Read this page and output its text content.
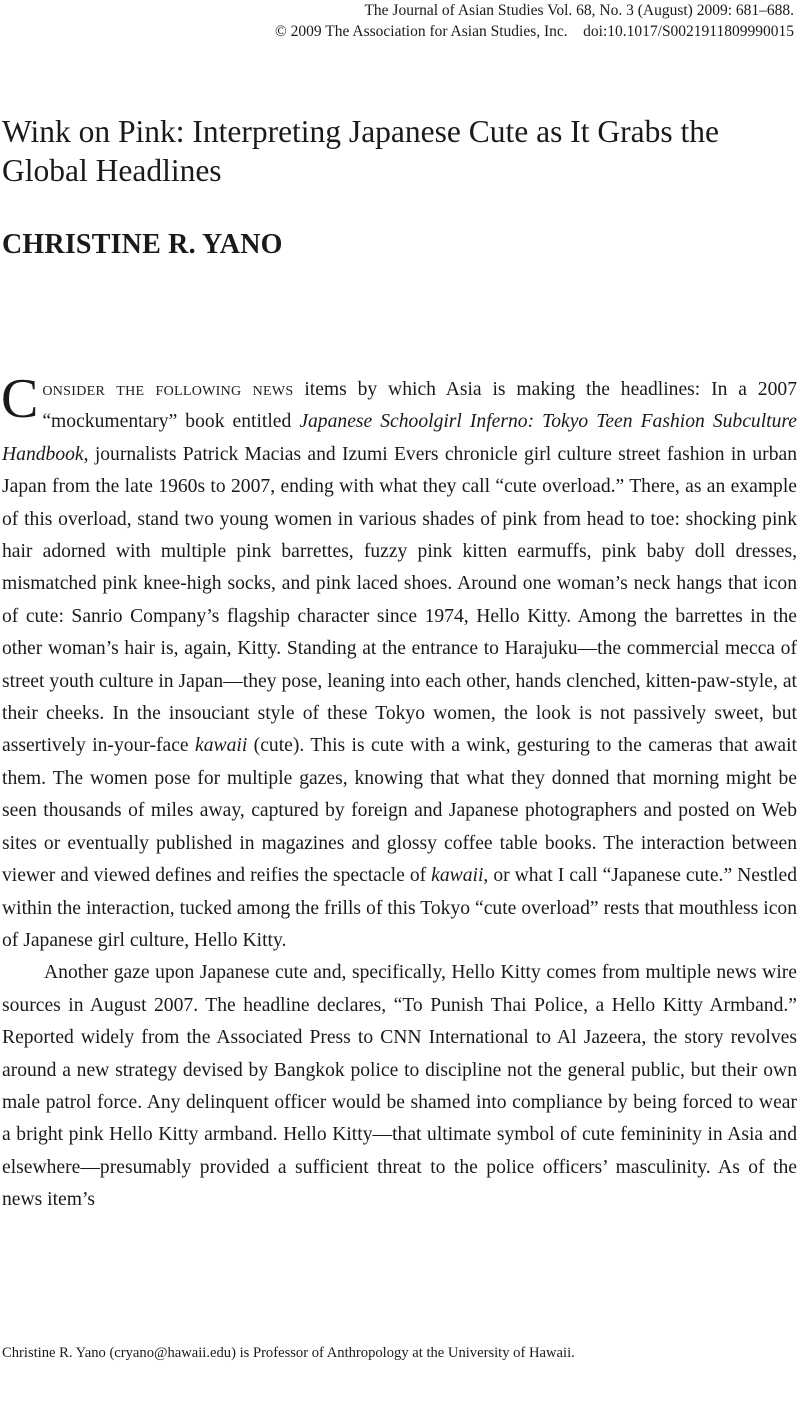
The Journal of Asian Studies Vol. 68, No. 3 (August) 2009: 681–688.
© 2009 The Association for Asian Studies, Inc.    doi:10.1017/S0021911809990015
Wink on Pink: Interpreting Japanese Cute as It Grabs the Global Headlines
CHRISTINE R. YANO

Consider the following news items by which Asia is making the headlines: In a 2007 “mockumentary” book entitled Japanese Schoolgirl Inferno: Tokyo Teen Fashion Subculture Handbook, journalists Patrick Macias and Izumi Evers chronicle girl culture street fashion in urban Japan from the late 1960s to 2007, ending with what they call “cute overload.” There, as an example of this overload, stand two young women in various shades of pink from head to toe: shocking pink hair adorned with multiple pink barrettes, fuzzy pink kitten earmuffs, pink baby doll dresses, mismatched pink knee-high socks, and pink laced shoes. Around one woman’s neck hangs that icon of cute: Sanrio Company’s flagship character since 1974, Hello Kitty. Among the barrettes in the other woman’s hair is, again, Kitty. Standing at the entrance to Harajuku—the commercial mecca of street youth culture in Japan—they pose, leaning into each other, hands clenched, kitten-paw-style, at their cheeks. In the insouciant style of these Tokyo women, the look is not passively sweet, but assertively in-your-face kawaii (cute). This is cute with a wink, gesturing to the cameras that await them. The women pose for multiple gazes, knowing that what they donned that morning might be seen thousands of miles away, captured by foreign and Japanese photographers and posted on Web sites or eventually published in magazines and glossy coffee table books. The interaction between viewer and viewed defines and reifies the spectacle of kawaii, or what I call “Japanese cute.” Nestled within the interaction, tucked among the frills of this Tokyo “cute overload” rests that mouthless icon of Japanese girl culture, Hello Kitty.

Another gaze upon Japanese cute and, specifically, Hello Kitty comes from multiple news wire sources in August 2007. The headline declares, “To Punish Thai Police, a Hello Kitty Armband.” Reported widely from the Associated Press to CNN International to Al Jazeera, the story revolves around a new strategy devised by Bangkok police to discipline not the general public, but their own male patrol force. Any delinquent officer would be shamed into compliance by being forced to wear a bright pink Hello Kitty armband. Hello Kitty—that ultimate symbol of cute femininity in Asia and elsewhere—presumably provided a sufficient threat to the police officers’ masculinity. As of the news item’s

Christine R. Yano (cryano@hawaii.edu) is Professor of Anthropology at the University of Hawaii.
